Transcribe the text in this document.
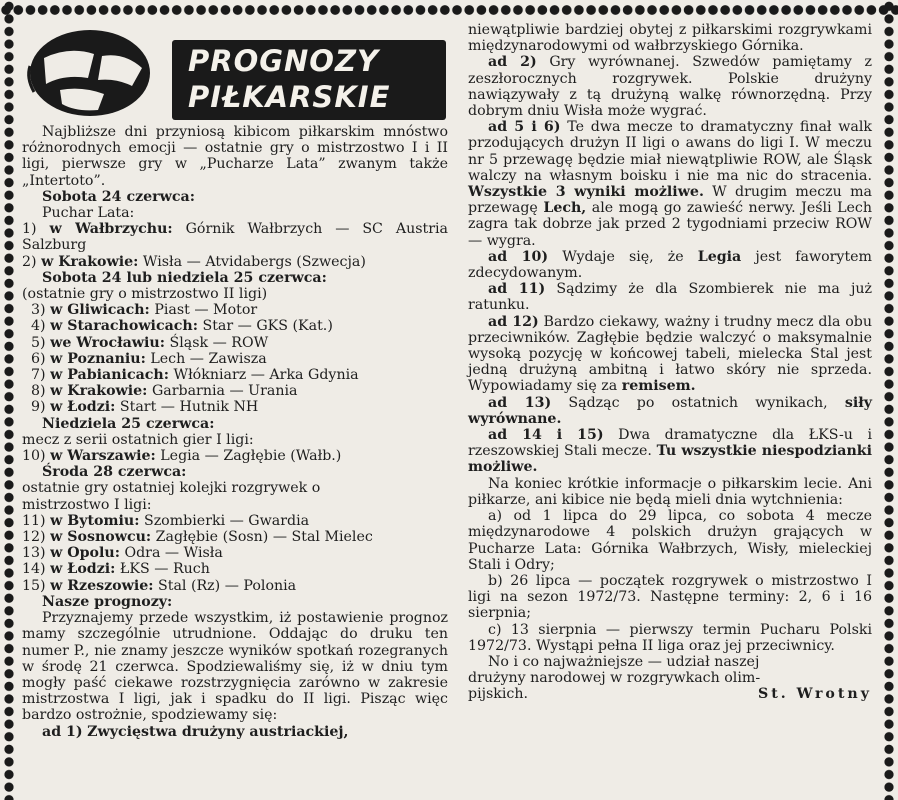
PROGNOZY
PIŁKARSKIE

Najbliższe dni przyniosą kibicom piłkarskim mnóstwo różnorodnych emocji — ostatnie gry o mistrzostwo I i II ligi, pierwsze gry w „Pucharze Lata” zwanym także „Intertoto”.

Sobota 24 czerwca:
Puchar Lata:
1) w Wałbrzychu: Górnik Wałbrzych — SC Austria Salzburg
2) w Krakowie: Wisła — Atvidabergs (Szwecja)
Sobota 24 lub niedziela 25 czerwca:
(ostatnie gry o mistrzostwo II ligi)
3) w Gliwicach: Piast — Motor
4) w Starachowicach: Star — GKS (Kat.)
5) we Wrocławiu: Śląsk — ROW
6) w Poznaniu: Lech — Zawisza
7) w Pabianicach: Włókniarz — Arka Gdynia
8) w Krakowie: Garbarnia — Urania
9) w Łodzi: Start — Hutnik NH
Niedziela 25 czerwca:
mecz z serii ostatnich gier I ligi:
10) w Warszawie: Legia — Zagłębie (Wałb.)
Środa 28 czerwca:
ostatnie gry ostatniej kolejki rozgrywek o
mistrzostwo I ligi:
11) w Bytomiu: Szombierki — Gwardia
12) w Sosnowcu: Zagłębie (Sosn) — Stal Mielec
13) w Opolu: Odra — Wisła
14) w Łodzi: ŁKS — Ruch
15) w Rzeszowie: Stal (Rz) — Polonia
Nasze prognozy:

Przyznajemy przede wszystkim, iż postawienie prognoz mamy szczególnie utrudnione. Oddając do druku ten numer P., nie znamy jeszcze wyników spotkań rozegranych w środę 21 czerwca. Spodziewaliśmy się, iż w dniu tym mogły paść ciekawe rozstrzygnięcia zarówno w zakresie mistrzostwa I ligi, jak i spadku do II ligi. Pisząc więc bardzo ostrożnie, spodziewamy się:

ad 1) Zwycięstwa drużyny austriackiej,

niewątpliwie bardziej obytej z piłkarskimi rozgrywkami międzynarodowymi od wałbrzyskiego Górnika.

ad 2) Gry wyrównanej. Szwedów pamiętamy z zeszłorocznych rozgrywek. Polskie drużyny nawiązywały z tą drużyną walkę równorzędną. Przy dobrym dniu Wisła może wygrać.

ad 5 i 6) Te dwa mecze to dramatyczny finał walk przodujących drużyn II ligi o awans do ligi I. W meczu nr 5 przewagę będzie miał niewątpliwie ROW, ale Śląsk walczy na własnym boisku i nie ma nic do stracenia. Wszystkie 3 wyniki możliwe. W drugim meczu ma przewagę Lech, ale mogą go zawieść nerwy. Jeśli Lech zagra tak dobrze jak przed 2 tygodniami przeciw ROW — wygra.

ad 10) Wydaje się, że Legia jest faworytem zdecydowanym.

ad 11) Sądzimy że dla Szombierek nie ma już ratunku.

ad 12) Bardzo ciekawy, ważny i trudny mecz dla obu przeciwników. Zagłębie będzie walczyć o maksymalnie wysoką pozycję w końcowej tabeli, mielecka Stal jest jedną drużyną ambitną i łatwo skóry nie sprzeda. Wypowiadamy się za remisem.

ad 13) Sądząc po ostatnich wynikach, siły wyrównane.

ad 14 i 15) Dwa dramatyczne dla ŁKS-u i rzeszowskiej Stali mecze. Tu wszystkie niespodzianki możliwe.

Na koniec krótkie informacje o piłkarskim lecie. Ani piłkarze, ani kibice nie będą mieli dnia wytchnienia:

a) od 1 lipca do 29 lipca, co sobota 4 mecze międzynarodowe 4 polskich drużyn grających w Pucharze Lata: Górnika Wałbrzych, Wisły, mieleckiej Stali i Odry;

b) 26 lipca — początek rozgrywek o mistrzostwo I ligi na sezon 1972/73. Następne terminy: 2, 6 i 16 sierpnia;

c) 13 sierpnia — pierwszy termin Pucharu Polski 1972/73. Wystąpi pełna II liga oraz jej przeciwnicy.

No i co najważniejsze — udział naszej
drużyny narodowej w rozgrywkach olim-
pijskich.	St. Wrotny
